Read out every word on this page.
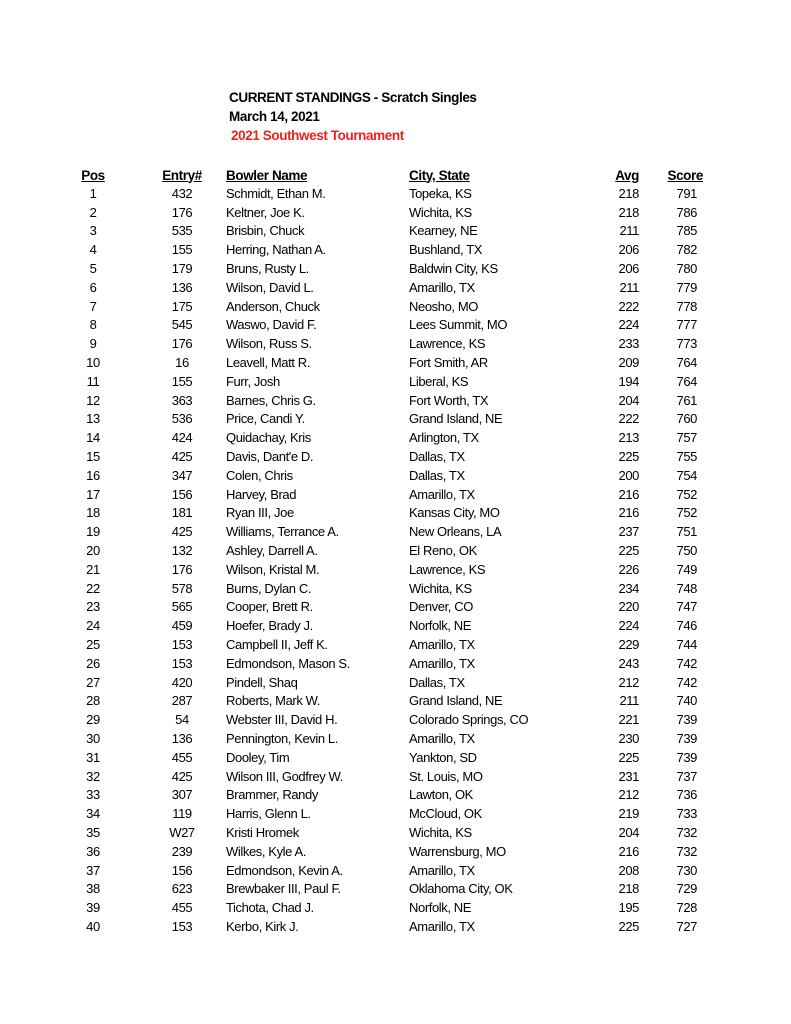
CURRENT STANDINGS - Scratch Singles
March 14, 2021
2021 Southwest Tournament
	Pos	Entry#	Bowler Name	City, State	Avg	Score
	1	432	Schmidt, Ethan M.	Topeka, KS	218	791
	2	176	Keltner, Joe K.	Wichita, KS	218	786
	3	535	Brisbin, Chuck	Kearney, NE	211	785
	4	155	Herring, Nathan A.	Bushland, TX	206	782
	5	179	Bruns, Rusty L.	Baldwin City, KS	206	780
	6	136	Wilson, David L.	Amarillo, TX	211	779
	7	175	Anderson, Chuck	Neosho, MO	222	778
	8	545	Waswo, David F.	Lees Summit, MO	224	777
	9	176	Wilson, Russ S.	Lawrence, KS	233	773
	10	16	Leavell, Matt R.	Fort Smith, AR	209	764
	11	155	Furr, Josh	Liberal, KS	194	764
	12	363	Barnes, Chris G.	Fort Worth, TX	204	761
	13	536	Price, Candi Y.	Grand Island, NE	222	760
	14	424	Quidachay, Kris	Arlington, TX	213	757
	15	425	Davis, Dant'e D.	Dallas, TX	225	755
	16	347	Colen, Chris	Dallas, TX	200	754
	17	156	Harvey, Brad	Amarillo, TX	216	752
	18	181	Ryan III, Joe	Kansas City, MO	216	752
	19	425	Williams, Terrance A.	New Orleans, LA	237	751
	20	132	Ashley, Darrell A.	El Reno, OK	225	750
	21	176	Wilson, Kristal M.	Lawrence, KS	226	749
	22	578	Burns, Dylan C.	Wichita, KS	234	748
	23	565	Cooper, Brett R.	Denver, CO	220	747
	24	459	Hoefer, Brady J.	Norfolk, NE	224	746
	25	153	Campbell II, Jeff K.	Amarillo, TX	229	744
	26	153	Edmondson, Mason S.	Amarillo, TX	243	742
	27	420	Pindell, Shaq	Dallas, TX	212	742
	28	287	Roberts, Mark W.	Grand Island, NE	211	740
	29	54	Webster III, David H.	Colorado Springs, CO	221	739
	30	136	Pennington, Kevin L.	Amarillo, TX	230	739
	31	455	Dooley, Tim	Yankton, SD	225	739
	32	425	Wilson III, Godfrey W.	St. Louis, MO	231	737
	33	307	Brammer, Randy	Lawton, OK	212	736
	34	119	Harris, Glenn L.	McCloud, OK	219	733
	35	W27	Kristi Hromek	Wichita, KS	204	732
	36	239	Wilkes, Kyle A.	Warrensburg, MO	216	732
	37	156	Edmondson, Kevin A.	Amarillo, TX	208	730
	38	623	Brewbaker III, Paul F.	Oklahoma City, OK	218	729
	39	455	Tichota, Chad J.	Norfolk, NE	195	728
	40	153	Kerbo, Kirk J.	Amarillo, TX	225	727
